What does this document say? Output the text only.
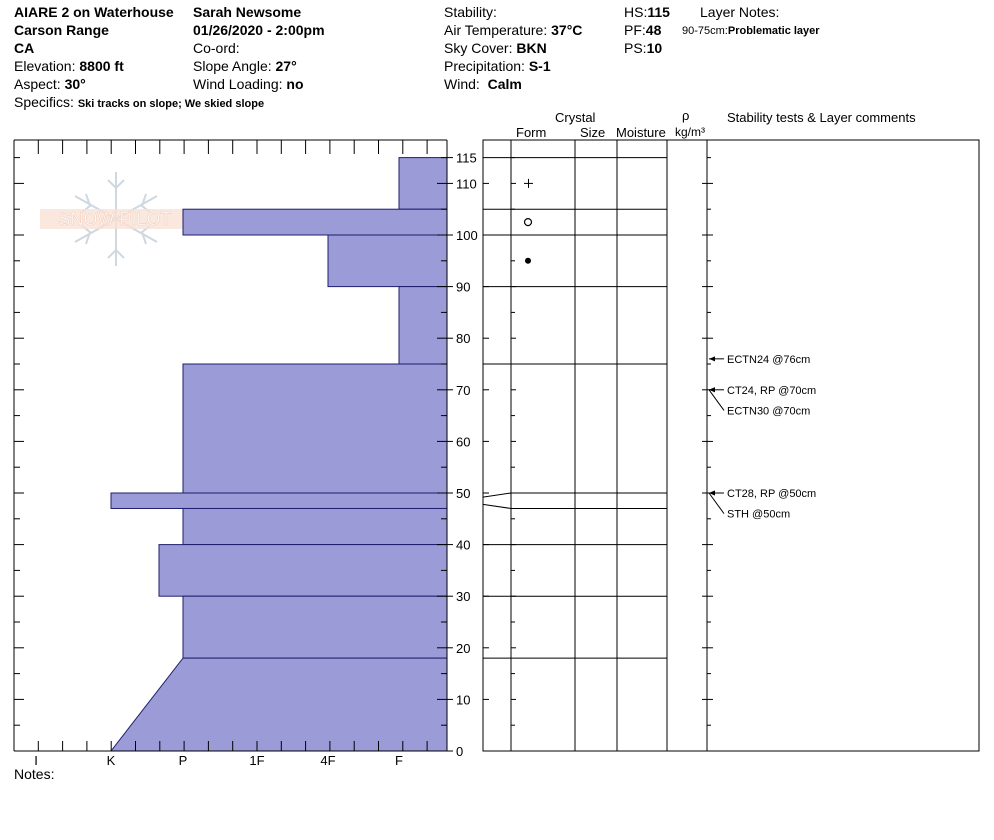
AIARE 2 on Waterhouse
Carson Range
CA
Elevation: 8800 ft
Aspect: 30°
Specifics: Ski tracks on slope; We skied slope
Sarah Newsome
01/26/2020 - 2:00pm
Co-ord:
Slope Angle: 27°
Wind Loading: no
Stability:
Air Temperature: 37°C
Sky Cover: BKN
Precipitation: S-1
Wind: Calm
HS:115
PF:48
PS:10
Layer Notes:
90-75cm:Problematic layer
Crystal
Form	Size Moisture
ρ
kg/m³
Stability tests & Layer comments
SNOW PILOT
I	K	P	1F	4F	F
0
10
20
30
40
50
60
70
80
90
100
110
115
ECTN24 @76cm
CT24, RP @70cm
ECTN30 @70cm
CT28, RP @50cm
STH @50cm
Notes:
